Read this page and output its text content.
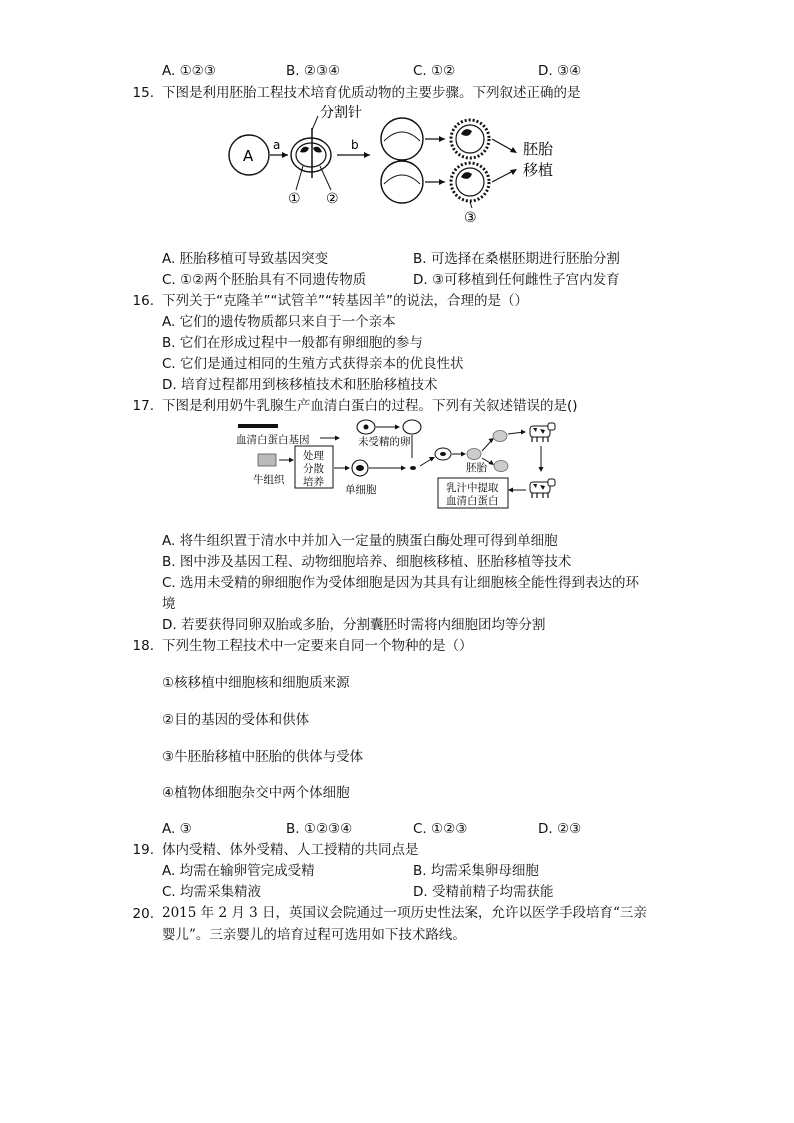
A. ①②③	B. ②③④	C. ①②	D. ③④
15. 下图是利用胚胎工程技术培育优质动物的主要步骤。下列叙述正确的是
A
a
分割针
① ②
b
③
胚胎
移植
A. 胚胎移植可导致基因突变	B. 可选择在桑椹胚期进行胚胎分割
C. ①②两个胚胎具有不同遗传物质	D. ③可移植到任何雌性子宫内发育
16. 下列关于“克隆羊”“试管羊”“转基因羊”的说法，合理的是（）
A. 它们的遗传物质都只来自于一个亲本
B. 它们在形成过程中一般都有卵细胞的参与
C. 它们是通过相同的生殖方式获得亲本的优良性状
D. 培育过程都用到核移植技术和胚胎移植技术
17. 下图是利用奶牛乳腺生产血清白蛋白的过程。下列有关叙述错误的是()
血清白蛋白基因	未受精的卵
牛组织
处理
分散
培养
单细胞
胚胎
乳汁中提取
血清白蛋白
A. 将牛组织置于清水中并加入一定量的胰蛋白酶处理可得到单细胞
B. 图中涉及基因工程、动物细胞培养、细胞核移植、胚胎移植等技术
C. 选用未受精的卵细胞作为受体细胞是因为其具有让细胞核全能性得到表达的环
境
D. 若要获得同卵双胎或多胎，分割囊胚时需将内细胞团均等分割
18. 下列生物工程技术中一定要来自同一个物种的是（）
①核移植中细胞核和细胞质来源
②目的基因的受体和供体
③牛胚胎移植中胚胎的供体与受体
④植物体细胞杂交中两个体细胞
A. ③	B. ①②③④	C. ①②③	D. ②③
19. 体内受精、体外受精、人工授精的共同点是
A. 均需在输卵管完成受精	B. 均需采集卵母细胞
C. 均需采集精液	D. 受精前精子均需获能
20. 2015 年 2 月 3 日，英国议会院通过一项历史性法案，允许以医学手段培育“三亲
婴儿”。三亲婴儿的培育过程可选用如下技术路线。
